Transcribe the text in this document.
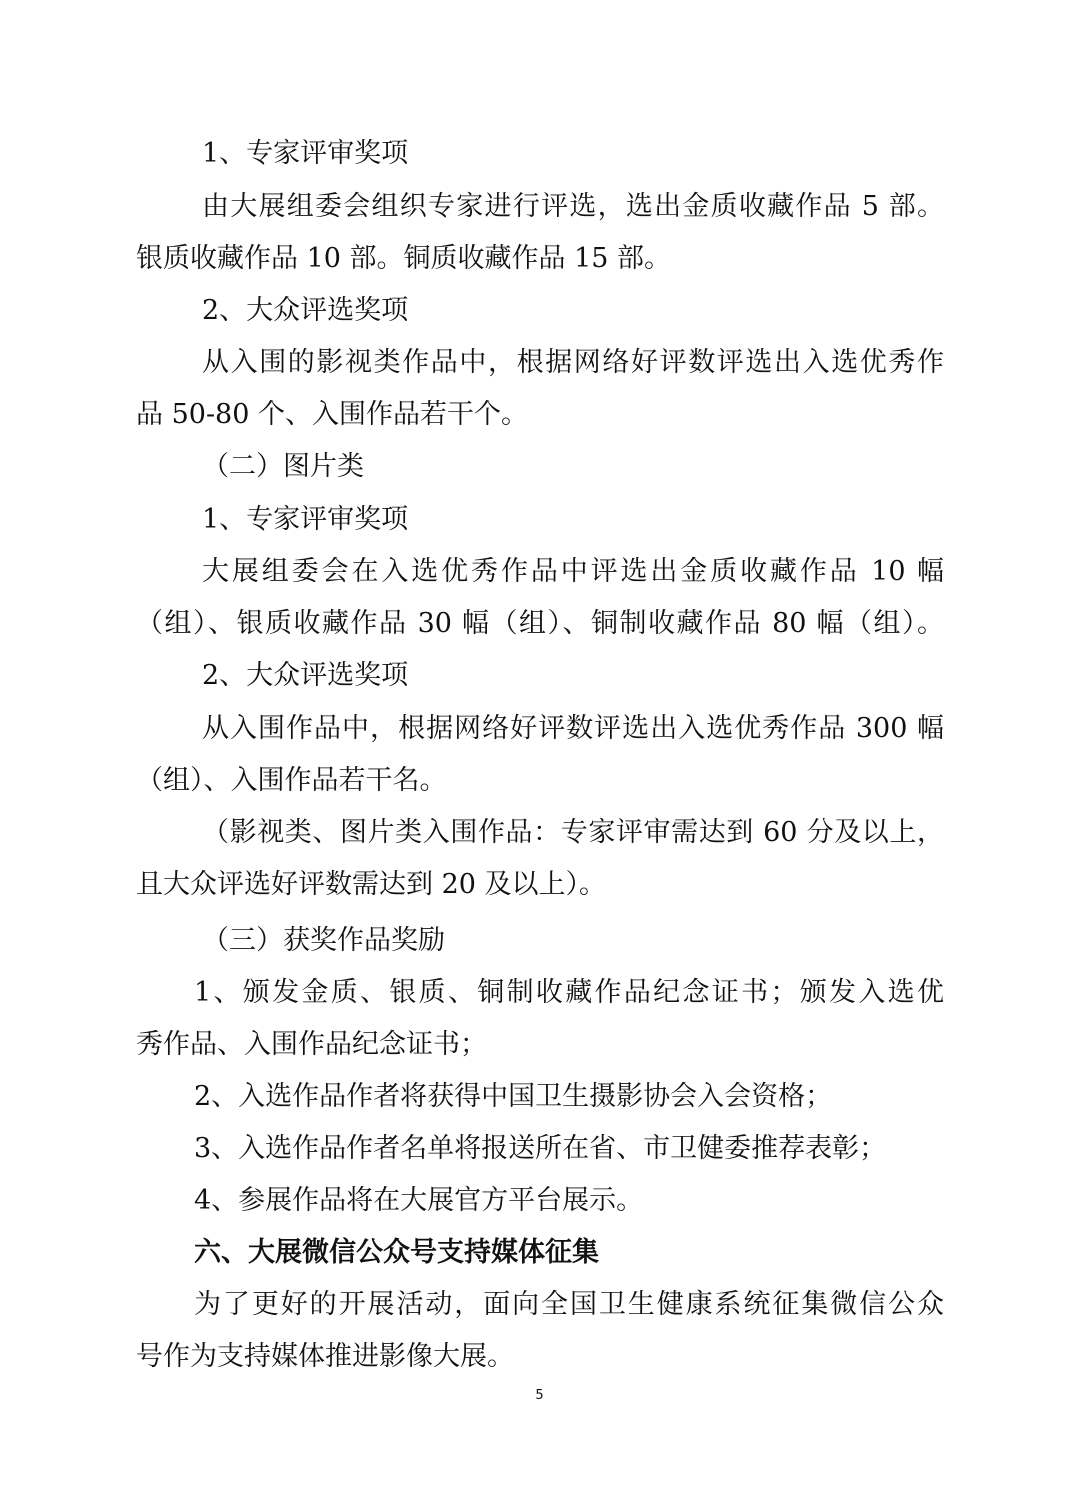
1、专家评审奖项
由大展组委会组织专家进行评选，选出金质收藏作品 5 部。
银质收藏作品 10 部。铜质收藏作品 15 部。
2、大众评选奖项
从入围的影视类作品中，根据网络好评数评选出入选优秀作
品 50-80 个、入围作品若干个。
（二）图片类
1、专家评审奖项
大展组委会在入选优秀作品中评选出金质收藏作品 10 幅
（组）、银质收藏作品 30 幅（组）、铜制收藏作品 80 幅（组）。
2、大众评选奖项
从入围作品中，根据网络好评数评选出入选优秀作品 300 幅
（组）、入围作品若干名。
（影视类、图片类入围作品：专家评审需达到 60 分及以上，
且大众评选好评数需达到 20 及以上）。
（三）获奖作品奖励
1、颁发金质、银质、铜制收藏作品纪念证书；颁发入选优
秀作品、入围作品纪念证书；
2、入选作品作者将获得中国卫生摄影协会入会资格；
3、入选作品作者名单将报送所在省、市卫健委推荐表彰；
4、参展作品将在大展官方平台展示。
六、大展微信公众号支持媒体征集
为了更好的开展活动，面向全国卫生健康系统征集微信公众
号作为支持媒体推进影像大展。
5
